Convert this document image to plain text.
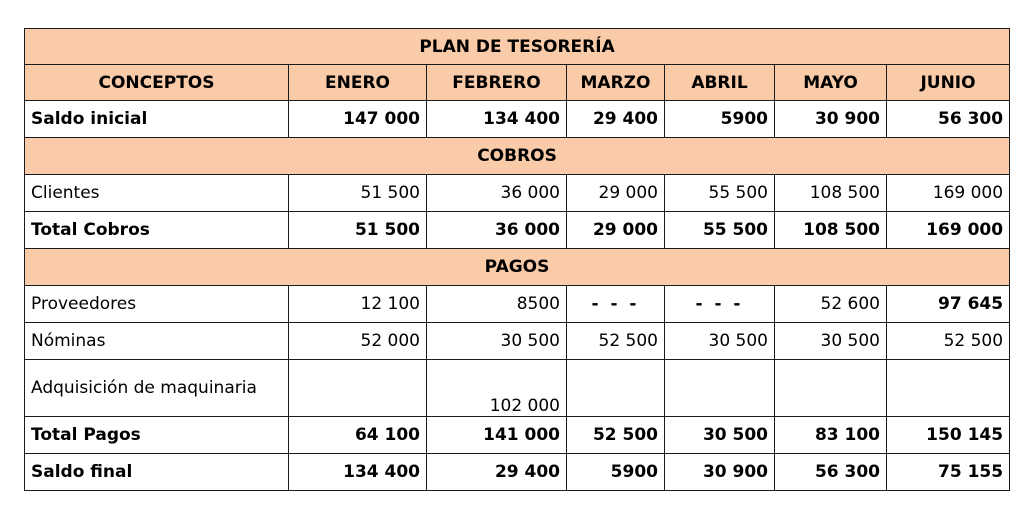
PLAN DE TESORERÍA						
CONCEPTOS	ENERO	FEBRERO	MARZO	ABRIL	MAYO	JUNIO
Saldo inicial	147 000	134 400	29 400	5900	30 900	56 300
COBROS						
Clientes	51 500	36 000	29 000	55 500	108 500	169 000
Total Cobros	51 500	36 000	29 000	55 500	108 500	169 000
PAGOS						
Proveedores	12 100	8500	- - -	- - -	52 600	97 645
Nóminas	52 000	30 500	52 500	30 500	30 500	52 500
Adquisición de maquinaria		102 000				
Total Pagos	64 100	141 000	52 500	30 500	83 100	150 145
Saldo final	134 400	29 400	5900	30 900	56 300	75 155
